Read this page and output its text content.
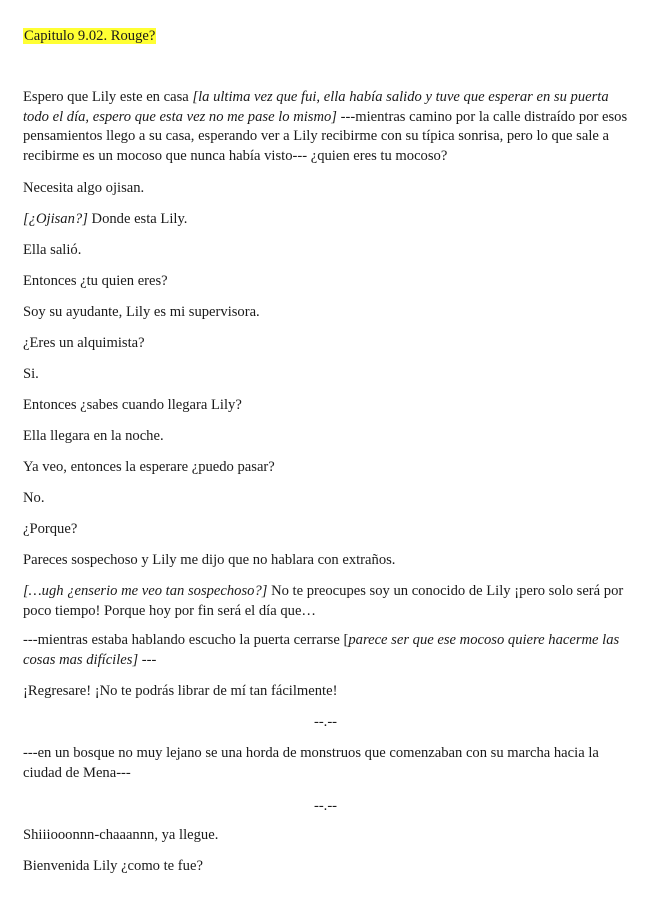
Capitulo 9.02. Rouge?
Espero que Lily este en casa [la ultima vez que fui, ella había salido y tuve que esperar en su puerta todo el día, espero que esta vez no me pase lo mismo] ---mientras camino por la calle distraído por esos pensamientos llego a su casa, esperando ver a Lily recibirme con su típica sonrisa, pero lo que sale a recibirme es un mocoso que nunca había visto--- ¿quien eres tu mocoso?
Necesita algo ojisan.
[¿Ojisan?] Donde esta Lily.
Ella salió.
Entonces ¿tu quien eres?
Soy su ayudante, Lily es mi supervisora.
¿Eres un alquimista?
Si.
Entonces ¿sabes cuando llegara Lily?
Ella llegara en la noche.
Ya veo, entonces la esperare ¿puedo pasar?
No.
¿Porque?
Pareces sospechoso y Lily me dijo que no hablara con extraños.
[…ugh ¿enserio me veo tan sospechoso?] No te preocupes soy un conocido de Lily ¡pero solo será por poco tiempo! Porque hoy por fin será el día que…
---mientras estaba hablando escucho la puerta cerrarse [parece ser que ese mocoso quiere hacerme las cosas mas difíciles] ---
¡Regresare! ¡No te podrás librar de mí tan fácilmente!
--.--
---en un bosque no muy lejano se una horda de monstruos que comenzaban con su marcha hacia la ciudad de Mena---
--.--
Shiiiooonnn-chaaannn, ya llegue.
Bienvenida Lily ¿como te fue?
